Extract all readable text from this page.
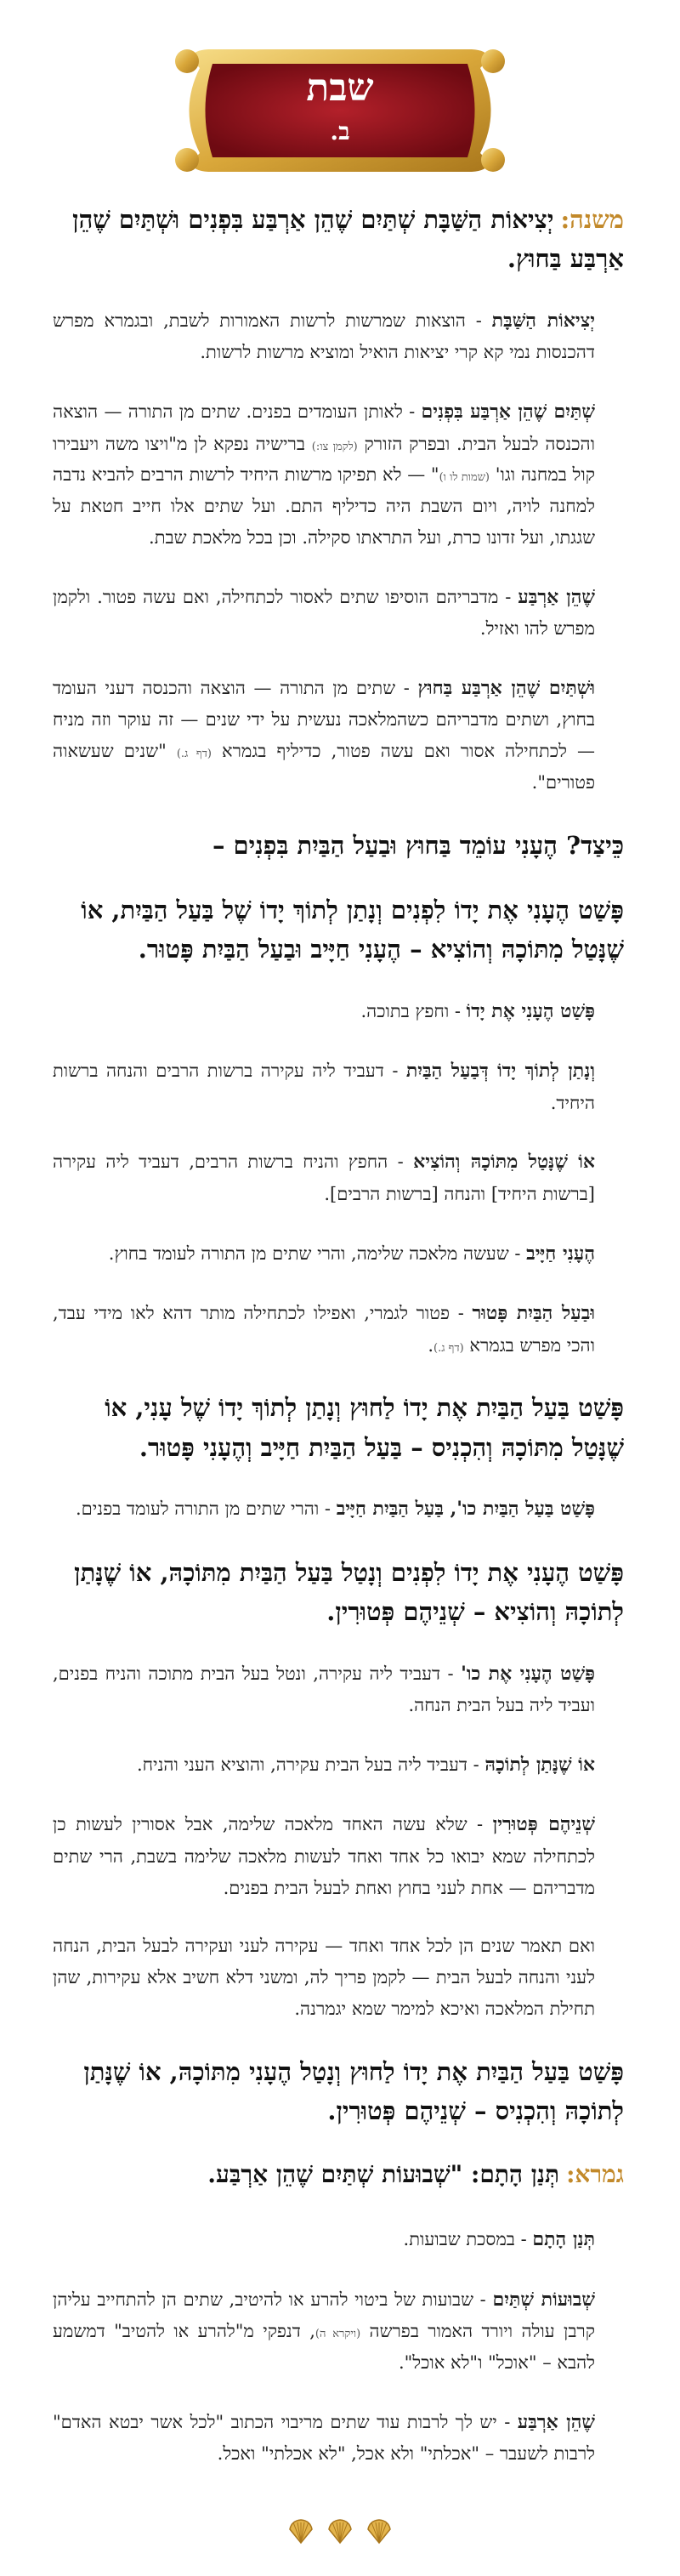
שבת
ב.
משנה:יְצִיאוֹת הַשַּׁבָּת שְׁתַּיִם שֶׁהֵן אַרְבַּע בִּפְנִים וּשְׁתַּיִם שֶׁהֵן אַרְבַּע בַּחוּץ.
יְצִיאוֹת הַשַּׁבָּת - הוצאות שמרשות לרשות האמורות לשבת, ובגמרא מפרש דהכנסות נמי קא קרי יציאות הואיל ומוציא מרשות לרשות.
שְׁתַּיִם שֶׁהֵן אַרְבַּע בִּפְנִים - לאותן העומדים בפנים. שתים מן התורה — הוצאה והכנסה לבעל הבית. ובפרק הזורק (לקמן צו:) ברישיה נפקא לן מ"ויצו משה ויעבירו קול במחנה וגו' (שמות לו ו)" — לא תפיקו מרשות היחיד לרשות הרבים להביא נדבה למחנה לויה, ויום השבת היה כדיליף התם. ועל שתים אלו חייב חטאת על שגגתו, ועל זדונו כרת, ועל התראתו סקילה. וכן בכל מלאכת שבת.
שֶׁהֵן אַרְבַּע - מדבריהם הוסיפו שתים לאסור לכתחילה, ואם עשה פטור. ולקמן מפרש להו ואזיל.
וּשְׁתַּיִם שֶׁהֵן אַרְבַּע בַּחוּץ - שתים מן התורה — הוצאה והכנסה דעני העומד בחוץ, ושתים מדבריהם כשהמלאכה נעשית על ידי שנים — זה עוקר וזה מניח — לכתחילה אסור ואם עשה פטור, כדיליף בגמרא (דף ג.) "שנים שעשאוה פטורים".
כֵּיצַד? הֶעָנִי עוֹמֵד בַּחוּץ וּבַעַל הַבַּיִת בִּפְנִים –
פָּשַׁט הֶעָנִי אֶת יָדוֹ לִפְנִים וְנָתַן לְתוֹךְ יָדוֹ שֶׁל בַּעַל הַבַּיִת, אוֹ שֶׁנָּטַל מִתּוֹכָהּ וְהוֹצִיא – הֶעָנִי חַיָּיב וּבַעַל הַבַּיִת פָּטוּר.
פָּשַׁט הֶעָנִי אֶת יָדוֹ - וחפץ בתוכה.
וְנָתַן לְתוֹךְ יָדוֹ דְּבַעַל הַבַּיִת - דעביד ליה עקירה ברשות הרבים והנחה ברשות היחיד.
אוֹ שֶׁנָּטַל מִתּוֹכָהּ וְהוֹצִיא - החפץ והניח ברשות הרבים, דעביד ליה עקירה [ברשות היחיד] והנחה [ברשות הרבים].
הֶעָנִי חַיָּיב - שעשה מלאכה שלימה, והרי שתים מן התורה לעומד בחוץ.
וּבַעַל הַבַּיִת פָּטוּר - פטור לגמרי, ואפילו לכתחילה מותר דהא לאו מידי עבד, והכי מפרש בגמרא (דף ג.).
פָּשַׁט בַּעַל הַבַּיִת אֶת יָדוֹ לַחוּץ וְנָתַן לְתוֹךְ יָדוֹ שֶׁל עָנִי, אוֹ שֶׁנָּטַל מִתּוֹכָהּ וְהִכְנִיס – בַּעַל הַבַּיִת חַיָּיב וְהֶעָנִי פָּטוּר.
פָּשַׁט בַּעַל הַבַּיִת כו', בַּעַל הַבַּיִת חַיָּיב - והרי שתים מן התורה לעומד בפנים.
פָּשַׁט הֶעָנִי אֶת יָדוֹ לִפְנִים וְנָטַל בַּעַל הַבַּיִת מִתּוֹכָהּ, אוֹ שֶׁנָּתַן לְתוֹכָהּ וְהוֹצִיא – שְׁנֵיהֶם פְּטוּרִין.
פָּשַׁט הֶעָנִי אֶת כו' - דעביד ליה עקירה, ונטל בעל הבית מתוכה והניח בפנים, ועביד ליה בעל הבית הנחה.
אוֹ שֶׁנָּתַן לְתוֹכָהּ - דעביד ליה בעל הבית עקירה, והוציא העני והניח.
שְׁנֵיהֶם פְּטוּרִין - שלא עשה האחד מלאכה שלימה, אבל אסורין לעשות כן לכתחילה שמא יבואו כל אחד ואחד לעשות מלאכה שלימה בשבת, הרי שתים מדבריהם — אחת לעני בחוץ ואחת לבעל הבית בפנים.
ואם תאמר שנים הן לכל אחד ואחד — עקירה לעני ועקירה לבעל הבית, הנחה לעני והנחה לבעל הבית — לקמן פריך לה, ומשני דלא חשיב אלא עקירות, שהן תחילת המלאכה ואיכא למימר שמא יגמרנה.
פָּשַׁט בַּעַל הַבַּיִת אֶת יָדוֹ לַחוּץ וְנָטַל הֶעָנִי מִתּוֹכָהּ, אוֹ שֶׁנָּתַן לְתוֹכָהּ וְהִכְנִיס – שְׁנֵיהֶם פְּטוּרִין.
גמרא:תְּנַן הָתָם: "שְׁבוּעוֹת שְׁתַּיִם שֶׁהֵן אַרְבַּע.
תְּנַן הָתָם - במסכת שבועות.
שְׁבוּעוֹת שְׁתַּיִם - שבועות של ביטוי להרע או להיטיב, שתים הן להתחייב עליהן קרבן עולה ויורד האמור בפרשה (ויקרא ה), דנפקי מ"להרע או להטיב" דמשמע להבא – "אוכל" ו"לא אוכל".
שֶׁהֵן אַרְבַּע - יש לך לרבות עוד שתים מריבוי הכתוב "לכל אשר יבטא האדם" לרבות לשעבר – "אכלתי" ולא אכל, "לא אכלתי" ואכל.
